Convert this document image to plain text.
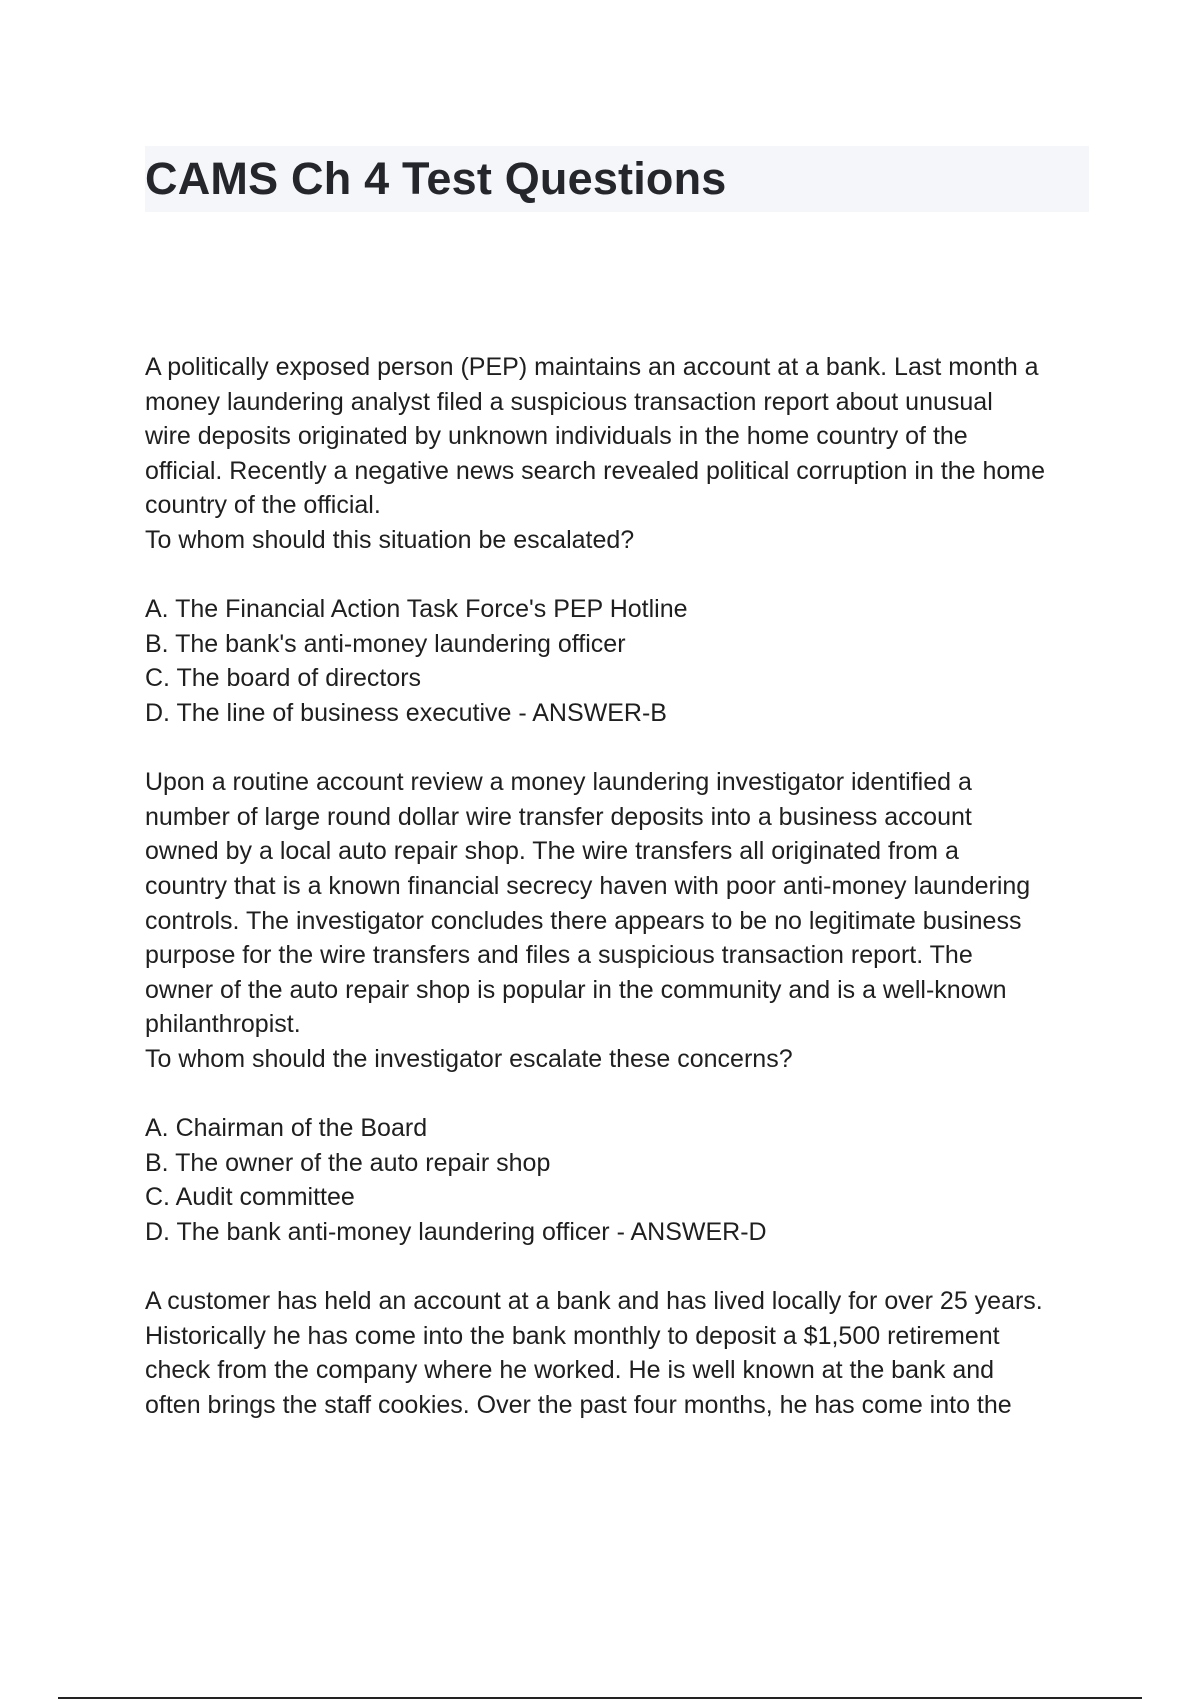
CAMS Ch 4 Test Questions
A politically exposed person (PEP) maintains an account at a bank. Last month a
money laundering analyst filed a suspicious transaction report about unusual
wire deposits originated by unknown individuals in the home country of the
official. Recently a negative news search revealed political corruption in the home
country of the official.
To whom should this situation be escalated?
A. The Financial Action Task Force's PEP Hotline
B. The bank's anti-money laundering officer
C. The board of directors
D. The line of business executive - ANSWER-B
Upon a routine account review a money laundering investigator identified a
number of large round dollar wire transfer deposits into a business account
owned by a local auto repair shop. The wire transfers all originated from a
country that is a known financial secrecy haven with poor anti-money laundering
controls. The investigator concludes there appears to be no legitimate business
purpose for the wire transfers and files a suspicious transaction report. The
owner of the auto repair shop is popular in the community and is a well-known
philanthropist.
To whom should the investigator escalate these concerns?
A. Chairman of the Board
B. The owner of the auto repair shop
C. Audit committee
D. The bank anti-money laundering officer - ANSWER-D
A customer has held an account at a bank and has lived locally for over 25 years.
Historically he has come into the bank monthly to deposit a $1,500 retirement
check from the company where he worked. He is well known at the bank and
often brings the staff cookies. Over the past four months, he has come into the
